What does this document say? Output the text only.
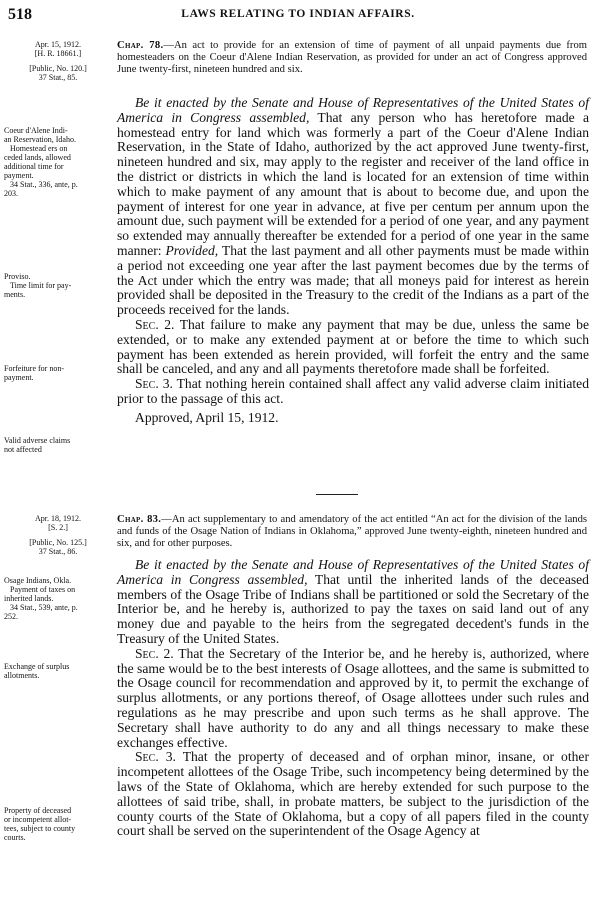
518	LAWS RELATING TO INDIAN AFFAIRS.

Apr. 15, 1912.

[H. R. 18661.]

[Public, No. 120.]

37 Stat., 85.

Coeur d'Alene Indi-

an Reservation, Idaho.

Homestead ers on

ceded lands, allowed

additional time for

payment.

34 Stat., 336, ante, p.

203.

Proviso.

Time limit for pay-

ments.

Forfeiture for non-

payment.

Valid adverse claims

not affected

Chap. 78.—An act to provide for an extension of time of payment of all unpaid payments due from homesteaders on the Coeur d'Alene Indian Reservation, as provided for under an act of Congress approved June twenty-first, nineteen hundred and six.

Be it enacted by the Senate and House of Representatives of the United States of America in Congress assembled, That any person who has heretofore made a homestead entry for land which was formerly a part of the Coeur d'Alene Indian Reservation, in the State of Idaho, authorized by the act approved June twenty-first, nineteen hundred and six, may apply to the register and receiver of the land office in the district or districts in which the land is located for an extension of time within which to make payment of any amount that is about to become due, and upon the payment of interest for one year in advance, at five per centum per annum upon the amount due, such payment will be extended for a period of one year, and any payment so extended may annually thereafter be extended for a period of one year in the same manner: Provided, That the last payment and all other payments must be made within a period not exceeding one year after the last payment becomes due by the terms of the Act under which the entry was made; that all moneys paid for interest as herein provided shall be deposited in the Treasury to the credit of the Indians as a part of the proceeds received for the lands.

Sec. 2. That failure to make any payment that may be due, unless the same be extended, or to make any extended payment at or before the time to which such payment has been extended as herein provided, will forfeit the entry and the same shall be canceled, and any and all payments theretofore made shall be forfeited.

Sec. 3. That nothing herein contained shall affect any valid adverse claim initiated prior to the passage of this act.

Approved, April 15, 1912.

Apr. 18, 1912.

[S. 2.]

[Public, No. 125.]

37 Stat., 86.

Osage Indians, Okla.

Payment of taxes on

inherited lands.

34 Stat., 539, ante, p.

252.

Exchange of surplus

allotments.

Property of deceased

or incompetent allot-

tees, subject to county

courts.

Chap. 83.—An act supplementary to and amendatory of the act entitled “An act for the division of the lands and funds of the Osage Nation of Indians in Oklahoma,” approved June twenty-eighth, nineteen hundred and six, and for other purposes.

Be it enacted by the Senate and House of Representatives of the United States of America in Congress assembled, That until the inherited lands of the deceased members of the Osage Tribe of Indians shall be partitioned or sold the Secretary of the Interior be, and he hereby is, authorized to pay the taxes on said land out of any money due and payable to the heirs from the segregated decedent's funds in the Treasury of the United States.

Sec. 2. That the Secretary of the Interior be, and he hereby is, authorized, where the same would be to the best interests of Osage allottees, and the same is submitted to the Osage council for recommendation and approved by it, to permit the exchange of surplus allotments, or any portions thereof, of Osage allottees under such rules and regulations as he may prescribe and upon such terms as he shall approve. The Secretary shall have authority to do any and all things necessary to make these exchanges effective.

Sec. 3. That the property of deceased and of orphan minor, insane, or other incompetent allottees of the Osage Tribe, such incompetency being determined by the laws of the State of Oklahoma, which are hereby extended for such purpose to the allottees of said tribe, shall, in probate matters, be subject to the jurisdiction of the county courts of the State of Oklahoma, but a copy of all papers filed in the county court shall be served on the superintendent of the Osage Agency at
